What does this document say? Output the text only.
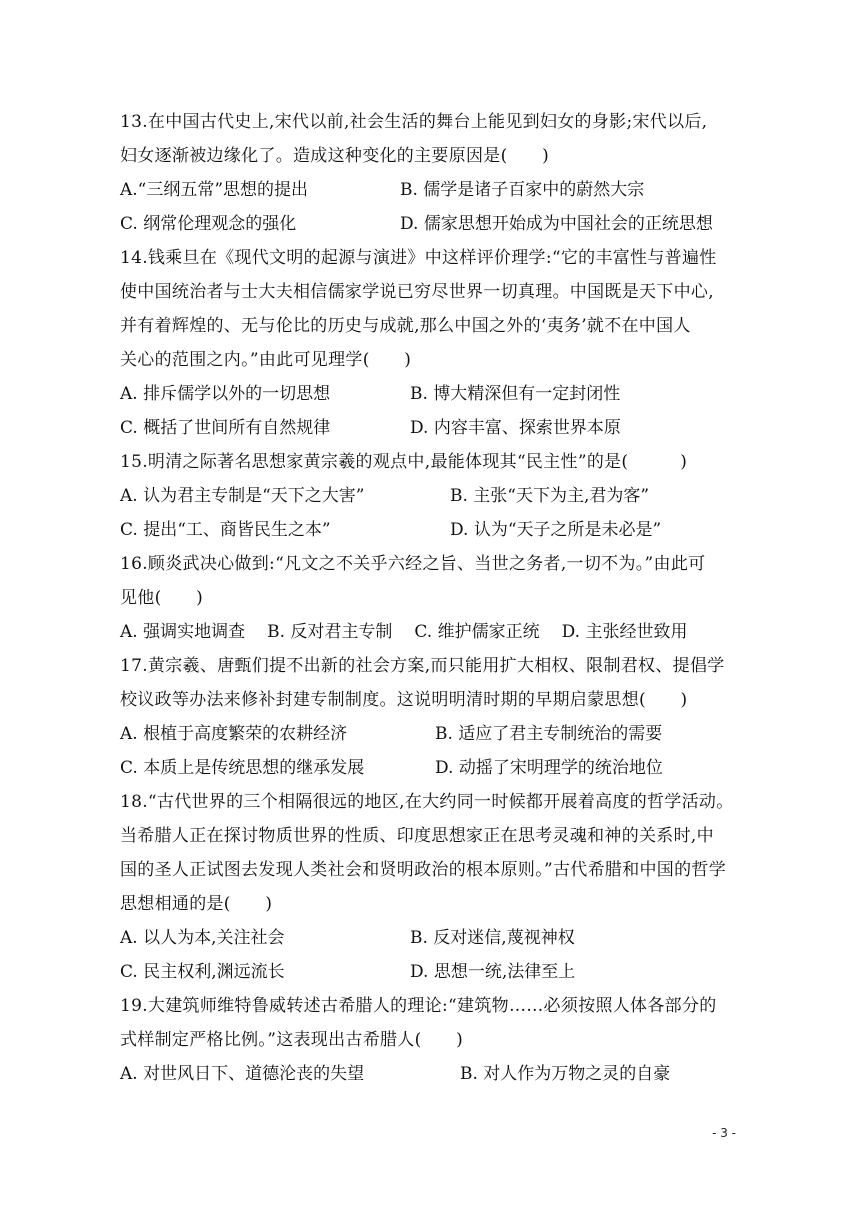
13.在中国古代史上,宋代以前,社会生活的舞台上能见到妇女的身影;宋代以后,
妇女逐渐被边缘化了。造成这种变化的主要原因是(　　)
A.“三纲五常”思想的提出	B. 儒学是诸子百家中的蔚然大宗
C. 纲常伦理观念的强化	D. 儒家思想开始成为中国社会的正统思想
14.钱乘旦在《现代文明的起源与演进》中这样评价理学:“它的丰富性与普遍性
使中国统治者与士大夫相信儒家学说已穷尽世界一切真理。中国既是天下中心,
并有着辉煌的、无与伦比的历史与成就,那么中国之外的‘夷务’就不在中国人
关心的范围之内。”由此可见理学(　　)
A. 排斥儒学以外的一切思想	B. 博大精深但有一定封闭性
C. 概括了世间所有自然规律	D. 内容丰富、探索世界本原
15.明清之际著名思想家黄宗羲的观点中,最能体现其“民主性”的是(　　　)
A. 认为君主专制是“天下之大害”	B. 主张“天下为主,君为客”
C. 提出“工、商皆民生之本”	D. 认为“天子之所是未必是”
16.顾炎武决心做到:“凡文之不关乎六经之旨、当世之务者,一切不为。”由此可
见他(　　)
A. 强调实地调查 B. 反对君主专制 C. 维护儒家正统 D. 主张经世致用
17.黄宗羲、唐甄们提不出新的社会方案,而只能用扩大相权、限制君权、提倡学
校议政等办法来修补封建专制制度。这说明明清时期的早期启蒙思想(　　)
A. 根植于高度繁荣的农耕经济	B. 适应了君主专制统治的需要
C. 本质上是传统思想的继承发展	D. 动摇了宋明理学的统治地位
18.“古代世界的三个相隔很远的地区,在大约同一时候都开展着高度的哲学活动。
当希腊人正在探讨物质世界的性质、印度思想家正在思考灵魂和神的关系时,中
国的圣人正试图去发现人类社会和贤明政治的根本原则。”古代希腊和中国的哲学
思想相通的是(　　)
A. 以人为本,关注社会	B. 反对迷信,蔑视神权
C. 民主权利,渊远流长	D. 思想一统,法律至上
19.大建筑师维特鲁威转述古希腊人的理论:“建筑物……必须按照人体各部分的
式样制定严格比例。”这表现出古希腊人(　　)
A. 对世风日下、道德沦丧的失望	B. 对人作为万物之灵的自豪
- 3 -
